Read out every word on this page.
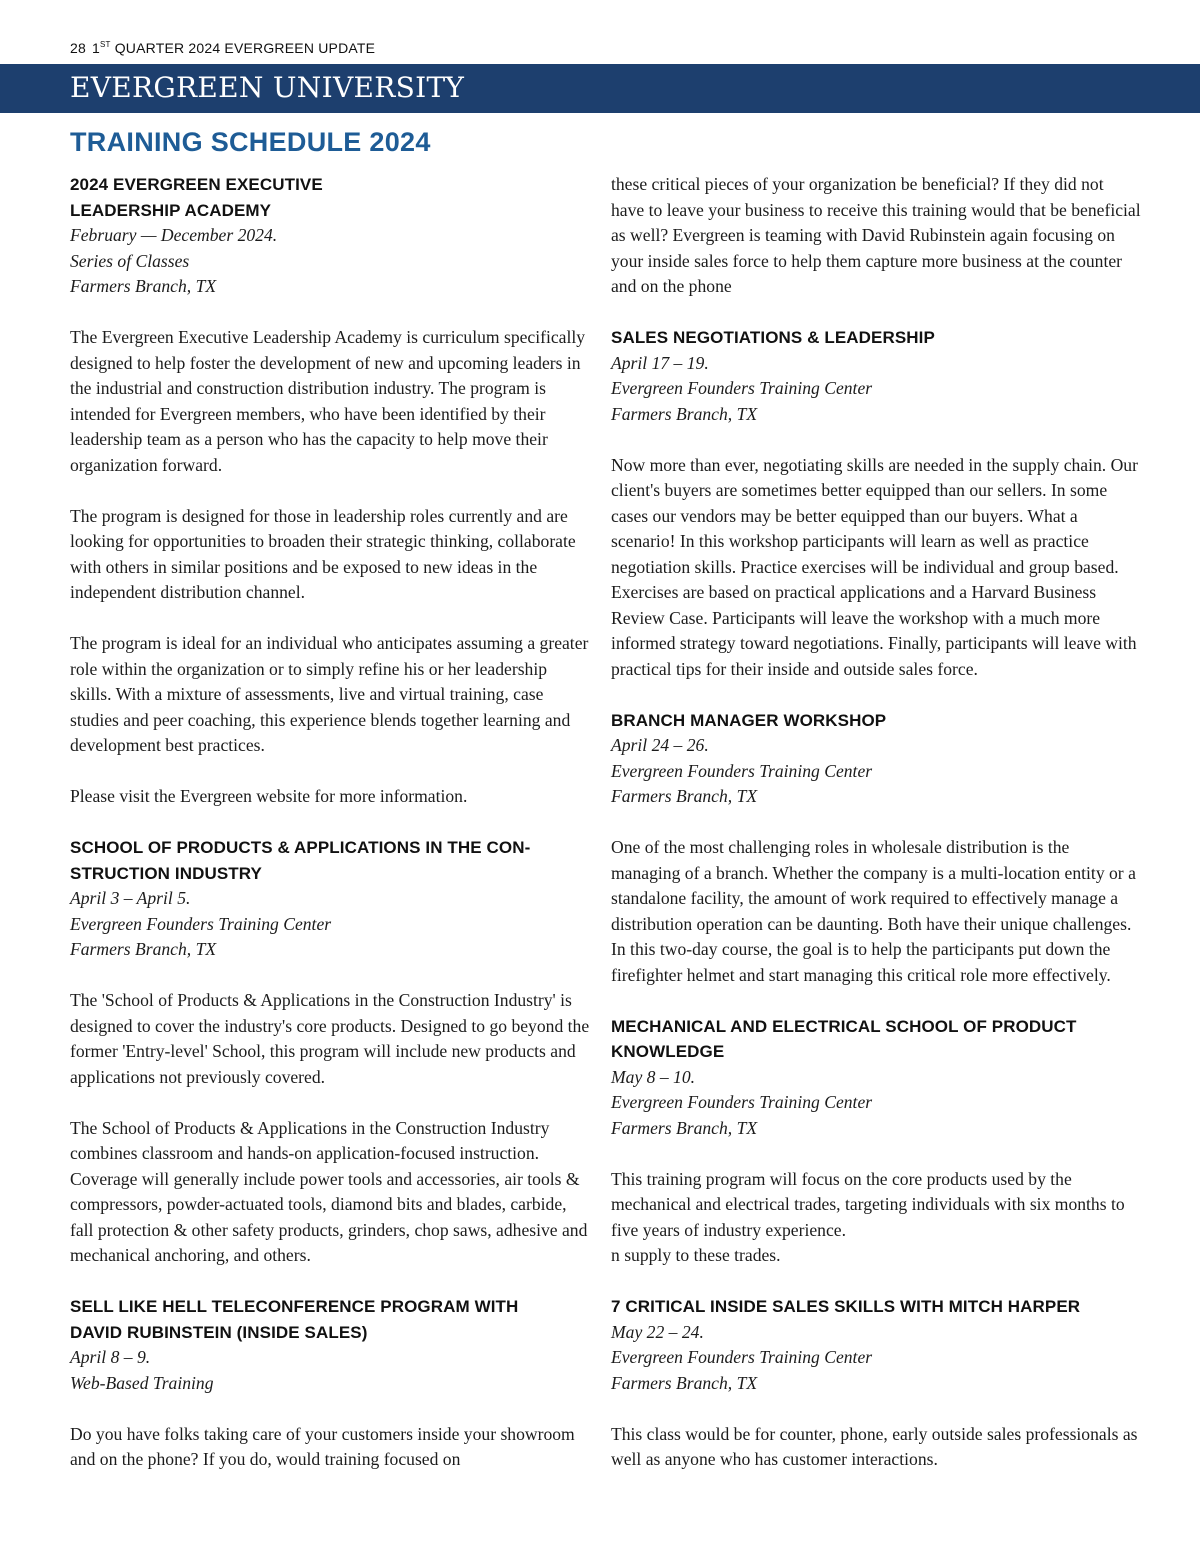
28 1ST QUARTER 2024 EVERGREEN UPDATE
EVERGREEN UNIVERSITY
TRAINING SCHEDULE 2024
2024 EVERGREEN EXECUTIVE
LEADERSHIP ACADEMY
February — December 2024.
Series of Classes
Farmers Branch, TX

The Evergreen Executive Leadership Academy is curriculum specifically designed to help foster the development of new and upcoming leaders in the industrial and construction distribution industry. The program is intended for Evergreen members, who have been identified by their leadership team as a person who has the capacity to help move their organization forward.

The program is designed for those in leadership roles currently and are looking for opportunities to broaden their strategic thinking, collaborate with others in similar positions and be exposed to new ideas in the independent distribution channel.

The program is ideal for an individual who anticipates assuming a greater role within the organization or to simply refine his or her leadership skills. With a mixture of assessments, live and virtual training, case studies and peer coaching, this experience blends together learning and development best practices.

Please visit the Evergreen website for more information.

SCHOOL OF PRODUCTS & APPLICATIONS IN THE CON-
STRUCTION INDUSTRY
April 3 – April 5.
Evergreen Founders Training Center
Farmers Branch, TX

The 'School of Products & Applications in the Construction Industry' is designed to cover the industry's core products. Designed to go beyond the former 'Entry-level' School, this program will include new products and applications not previously covered.

The School of Products & Applications in the Construction Industry combines classroom and hands-on application-focused instruction. Coverage will generally include power tools and accessories, air tools & compressors, powder-actuated tools, diamond bits and blades, carbide, fall protection & other safety products, grinders, chop saws, adhesive and mechanical anchoring, and others.

SELL LIKE HELL TELECONFERENCE PROGRAM WITH
DAVID RUBINSTEIN (INSIDE SALES)
April 8 – 9.
Web-Based Training

Do you have folks taking care of your customers inside your showroom and on the phone? If you do, would training focused on

these critical pieces of your organization be beneficial? If they did not have to leave your business to receive this training would that be beneficial as well? Evergreen is teaming with David Rubinstein again focusing on your inside sales force to help them capture more business at the counter and on the phone

SALES NEGOTIATIONS & LEADERSHIP
April 17 – 19.
Evergreen Founders Training Center
Farmers Branch, TX

Now more than ever, negotiating skills are needed in the supply chain. Our client's buyers are sometimes better equipped than our sellers. In some cases our vendors may be better equipped than our buyers. What a scenario! In this workshop participants will learn as well as practice negotiation skills. Practice exercises will be individual and group based. Exercises are based on practical applications and a Harvard Business Review Case. Participants will leave the workshop with a much more informed strategy toward negotiations. Finally, participants will leave with practical tips for their inside and outside sales force.

BRANCH MANAGER WORKSHOP
April 24 – 26.
Evergreen Founders Training Center
Farmers Branch, TX

One of the most challenging roles in wholesale distribution is the managing of a branch. Whether the company is a multi-location entity or a standalone facility, the amount of work required to effectively manage a distribution operation can be daunting. Both have their unique challenges. In this two-day course, the goal is to help the participants put down the firefighter helmet and start managing this critical role more effectively.

MECHANICAL AND ELECTRICAL SCHOOL OF PRODUCT
KNOWLEDGE
May 8 – 10.
Evergreen Founders Training Center
Farmers Branch, TX

This training program will focus on the core products used by the mechanical and electrical trades, targeting individuals with six months to five years of industry experience.
n supply to these trades.

7 CRITICAL INSIDE SALES SKILLS WITH MITCH HARPER
May 22 – 24.
Evergreen Founders Training Center
Farmers Branch, TX

This class would be for counter, phone, early outside sales professionals as well as anyone who has customer interactions.
